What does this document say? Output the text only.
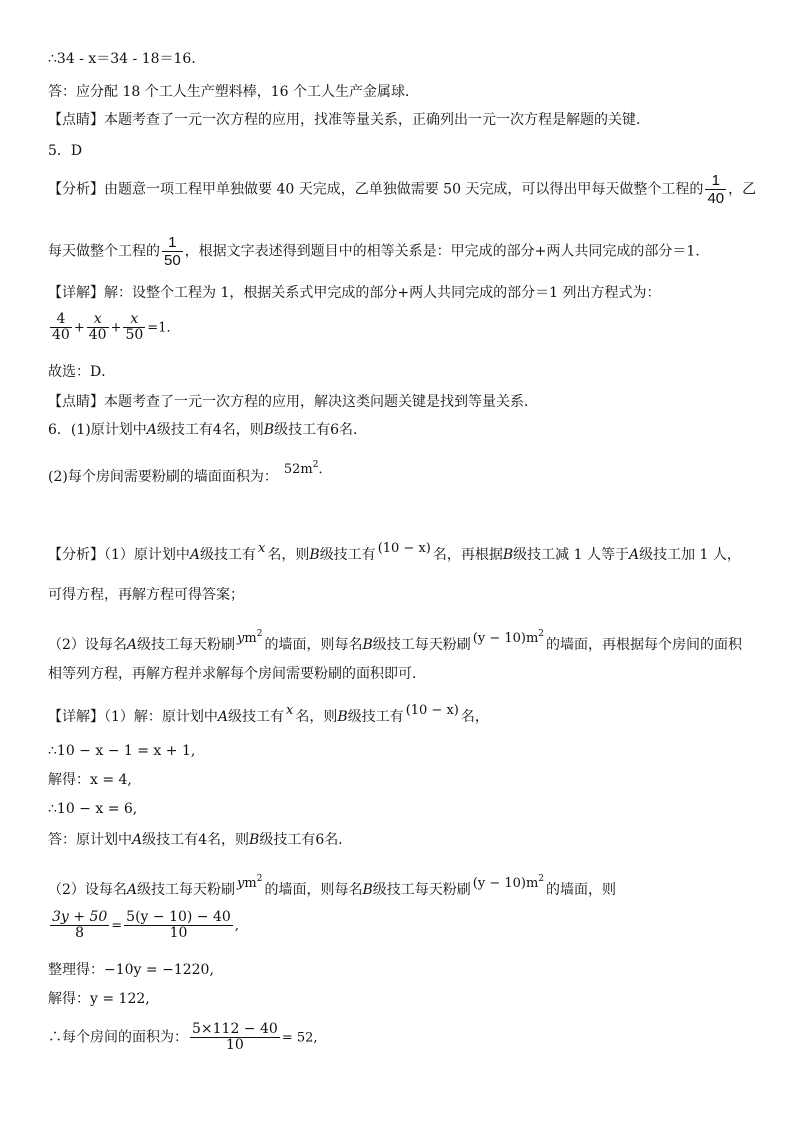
∴34 - x＝34 - 18＝16．
答：应分配 18 个工人生产塑料棒，16 个工人生产金属球．
【点睛】本题考查了一元一次方程的应用，找准等量关系，正确列出一元一次方程是解题的关键．
5．D
【分析】由题意一项工程甲单独做要 40 天完成，乙单独做需要 50 天完成，可以得出甲每天做整个工程的 $\frac{1}{40}$ ，乙
每天做整个工程的 $\frac{1}{50}$ ，根据文字表述得到题目中的相等关系是：甲完成的部分+两人共同完成的部分＝1．
【详解】解：设整个工程为 1，根据关系式甲完成的部分+两人共同完成的部分＝1 列出方程式为：
$\frac{4}{40} + \frac{x}{40} + \frac{x}{50} =1$．
故选：D．
【点睛】本题考查了一元一次方程的应用，解决这类问题关键是找到等量关系．
6．(1)原计划中A级技工有4名，则B级技工有6名．
(2)每个房间需要粉刷的墙面面积为： $52m^2$．
【分析】（1）原计划中A级技工有 x 名，则B级技工有 (10 − x) 名，再根据B级技工减 1 人等于A级技工加 1 人，
可得方程，再解方程可得答案；
（2）设每名A级技工每天粉刷 $ym^2$的墙面，则每名B级技工每天粉刷 $(y - 10)m^2$的墙面，再根据每个房间的面积
相等列方程，再解方程并求解每个房间需要粉刷的面积即可．
【详解】（1）解：原计划中A级技工有 x 名，则B级技工有 (10 − x) 名，
∴10 − x − 1 = x + 1,
解得：x = 4,
∴10 − x = 6,
答：原计划中A级技工有4名，则B级技工有6名．
（2）设每名A级技工每天粉刷 $ym^2$的墙面，则每名B级技工每天粉刷 $(y - 10)m^2$的墙面，则
$\frac{3y + 50}{8} = \frac{5(y - 10) - 40}{10}$ ,
整理得：−10y = −1220,
解得：y = 122,
∴每个房间的面积为： $\frac{5\times 112 - 40}{10} = 52$,
